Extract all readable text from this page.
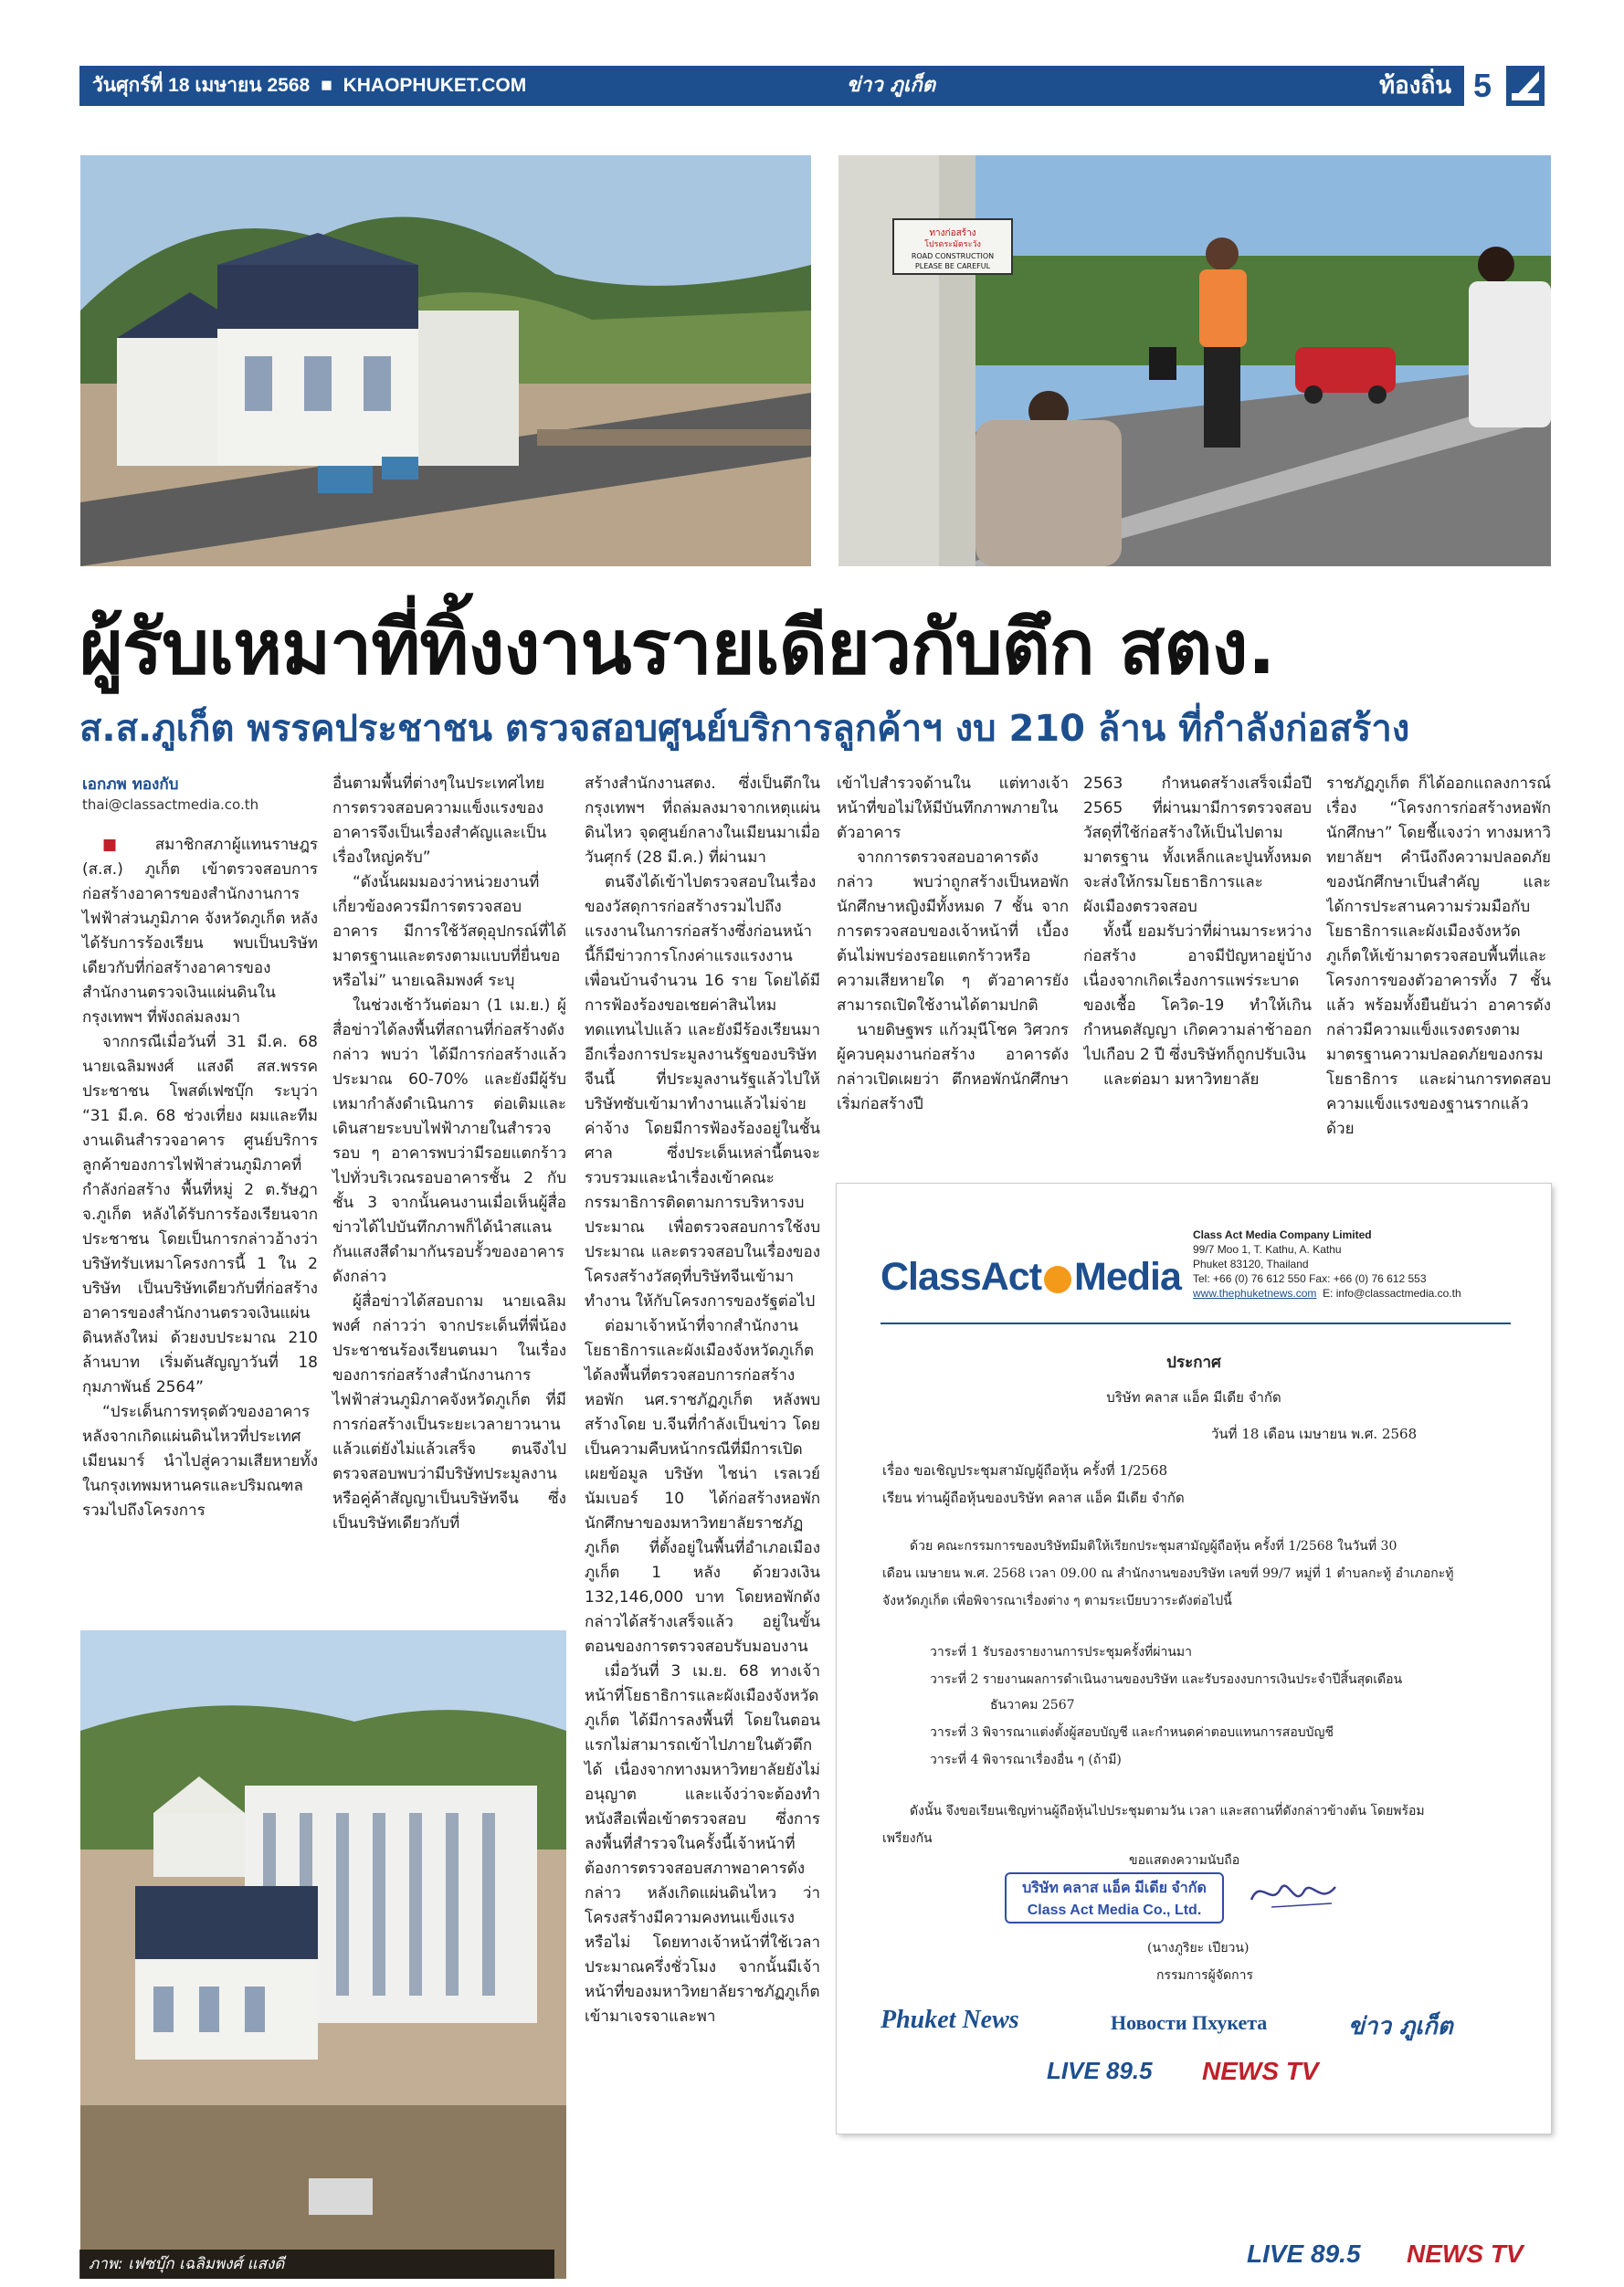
วันศุกร์ที่ 18 เมษายน 2568 ■ KHAOPHUKET.COM	ข่าว ภูเก็ต	ท้องถิ่น 5
ทางก่อสร้าง
โปรดระมัดระวัง
ROAD CONSTRUCTION
PLEASE BE CAREFUL
ผู้รับเหมาที่ทิ้งงานรายเดียวกับตึก สตง.
ส.ส.ภูเก็ต พรรคประชาชน ตรวจสอบศูนย์บริการลูกค้าฯ งบ 210 ล้าน ที่กำลังก่อสร้าง

เอกภพ ทองกับ

thai@classactmedia.co.th

■ สมาชิกสภาผู้แทนราษฎร (ส.ส.) ภูเก็ต เข้าตรวจสอบการก่อสร้างอาคารของสำนักงานการไฟฟ้าส่วนภูมิภาค จังหวัดภูเก็ต หลังได้รับการร้องเรียน พบเป็นบริษัทเดียวกับที่ก่อสร้างอาคารของสำนักงานตรวจเงินแผ่นดินในกรุงเทพฯ ที่พังถล่มลงมา

จากกรณีเมื่อวันที่ 31 มี.ค. 68 นายเฉลิมพงศ์ แสงดี สส.พรรคประชาชน โพสต์เฟซบุ๊ก ระบุว่า “31 มี.ค. 68 ช่วงเที่ยง ผมและทีมงานเดินสำรวจอาคาร ศูนย์บริการลูกค้าของการไฟฟ้าส่วนภูมิภาคที่กำลังก่อสร้าง พื้นที่หมู่ 2 ต.รัษฎา จ.ภูเก็ต หลังได้รับการร้องเรียนจากประชาชน โดยเป็นการกล่าวอ้างว่าบริษัทรับเหมาโครงการนี้ 1 ใน 2 บริษัท เป็นบริษัทเดียวกับที่ก่อสร้างอาคารของสำนักงานตรวจเงินแผ่นดินหลังใหม่ ด้วยงบประมาณ 210 ล้านบาท เริ่มต้นสัญญาวันที่ 18 กุมภาพันธ์ 2564”

“ประเด็นการทรุดตัวของอาคาร หลังจากเกิดแผ่นดินไหวที่ประเทศเมียนมาร์ นำไปสู่ความเสียหายทั้งในกรุงเทพมหานครและปริมณฑล รวมไปถึงโครงการ

อื่นตามพื้นที่ต่างๆในประเทศไทย การตรวจสอบความแข็งแรงของอาคารจึงเป็นเรื่องสำคัญและเป็นเรื่องใหญ่ครับ”

“ดังนั้นผมมองว่าหน่วยงานที่เกี่ยวข้องควรมีการตรวจสอบอาคาร มีการใช้วัสดุอุปกรณ์ที่ได้มาตรฐานและตรงตามแบบที่ยื่นขอหรือไม่” นายเฉลิมพงศ์ ระบุ

ในช่วงเช้าวันต่อมา (1 เม.ย.) ผู้สื่อข่าวได้ลงพื้นที่สถานที่ก่อสร้างดังกล่าว พบว่า ได้มีการก่อสร้างแล้วประมาณ 60-70% และยังมีผู้รับเหมากำลังดำเนินการ ต่อเติมและเดินสายระบบไฟฟ้าภายในสำรวจรอบ ๆ อาคารพบว่ามีรอยแตกร้าว ไปทั่วบริเวณรอบอาคารชั้น 2 กับชั้น 3 จากนั้นคนงานเมื่อเห็นผู้สื่อข่าวได้ไปบันทึกภาพก็ได้นำสแลนกันแสงสีดำมากันรอบรั้วของอาคารดังกล่าว

ผู้สื่อข่าวได้สอบถาม นายเฉลิมพงศ์ กล่าวว่า จากประเด็นที่พี่น้องประชาชนร้องเรียนตนมา ในเรื่องของการก่อสร้างสำนักงานการไฟฟ้าส่วนภูมิภาคจังหวัดภูเก็ต ที่มีการก่อสร้างเป็นระยะเวลายาวนานแล้วแต่ยังไม่แล้วเสร็จ ตนจึงไปตรวจสอบพบว่ามีบริษัทประมูลงานหรือคู่ค้าสัญญาเป็นบริษัทจีน ซึ่งเป็นบริษัทเดียวกับที่

สร้างสำนักงานสตง. ซึ่งเป็นตึกในกรุงเทพฯ ที่ถล่มลงมาจากเหตุแผ่นดินไหว จุดศูนย์กลางในเมียนมาเมื่อวันศุกร์ (28 มี.ค.) ที่ผ่านมา

ตนจึงได้เข้าไปตรวจสอบในเรื่องของวัสดุการก่อสร้างรวมไปถึงแรงงานในการก่อสร้างซึ่งก่อนหน้านี้ก็มีข่าวการโกงค่าแรงแรงงานเพื่อนบ้านจำนวน 16 ราย โดยได้มีการฟ้องร้องขอเชยค่าสินไหมทดแทนไปแล้ว และยังมีร้องเรียนมาอีกเรื่องการประมูลงานรัฐของบริษัทจีนนี้ ที่ประมูลงานรัฐแล้วไปให้บริษัทซับเข้ามาทำงานแล้วไม่จ่ายค่าจ้าง โดยมีการฟ้องร้องอยู่ในชั้นศาล ซึ่งประเด็นเหล่านี้ตนจะรวบรวมและนำเรื่องเข้าคณะกรรมาธิการติดตามการบริหารงบประมาณ เพื่อตรวจสอบการใช้งบประมาณ และตรวจสอบในเรื่องของโครงสร้างวัสดุที่บริษัทจีนเข้ามาทำงาน ให้กับโครงการของรัฐต่อไป

ต่อมาเจ้าหน้าที่จากสำนักงานโยธาธิการและผังเมืองจังหวัดภูเก็ต ได้ลงพื้นที่ตรวจสอบการก่อสร้างหอพัก นศ.ราชภัฏภูเก็ต หลังพบสร้างโดย บ.จีนที่กำลังเป็นข่าว โดยเป็นความคืบหน้ากรณีที่มีการเปิดเผยข้อมูล บริษัท ไชน่า เรลเวย์ นัมเบอร์ 10 ได้ก่อสร้างหอพักนักศึกษาของมหาวิทยาลัยราชภัฏภูเก็ต ที่ตั้งอยู่ในพื้นที่อำเภอเมืองภูเก็ต 1 หลัง ด้วยวงเงิน 132,146,000 บาท โดยหอพักดังกล่าวได้สร้างเสร็จแล้ว อยู่ในขั้นตอนของการตรวจสอบรับมอบงาน

เมื่อวันที่ 3 เม.ย. 68 ทางเจ้าหน้าที่โยธาธิการและผังเมืองจังหวัดภูเก็ต ได้มีการลงพื้นที่ โดยในตอนแรกไม่สามารถเข้าไปภายในตัวตึกได้ เนื่องจากทางมหาวิทยาลัยยังไม่อนุญาต และแจ้งว่าจะต้องทำหนังสือเพื่อเข้าตรวจสอบ ซึ่งการลงพื้นที่สำรวจในครั้งนี้เจ้าหน้าที่ต้องการตรวจสอบสภาพอาคารดังกล่าว หลังเกิดแผ่นดินไหว ว่าโครงสร้างมีความคงทนแข็งแรงหรือไม่ โดยทางเจ้าหน้าที่ใช้เวลาประมาณครึ่งชั่วโมง จากนั้นมีเจ้าหน้าที่ของมหาวิทยาลัยราชภัฏภูเก็ต เข้ามาเจรจาและพา

เข้าไปสำรวจด้านใน แต่ทางเจ้าหน้าที่ขอไม่ให้มีบันทึกภาพภายในตัวอาคาร

จากการตรวจสอบอาคารดังกล่าว พบว่าถูกสร้างเป็นหอพักนักศึกษาหญิงมีทั้งหมด 7 ชั้น จากการตรวจสอบของเจ้าหน้าที่ เบื้องต้นไม่พบร่องรอยแตกร้าวหรือความเสียหายใด ๆ ตัวอาคารยังสามารถเปิดใช้งานได้ตามปกติ

นายดิษฐพร แก้วมุนีโชค วิศวกรผู้ควบคุมงานก่อสร้าง อาคารดังกล่าวเปิดเผยว่า ตึกหอพักนักศึกษาเริ่มก่อสร้างปี

2563 กำหนดสร้างเสร็จเมื่อปี 2565 ที่ผ่านมามีการตรวจสอบวัสดุที่ใช้ก่อสร้างให้เป็นไปตามมาตรฐาน ทั้งเหล็กและปูนทั้งหมดจะส่งให้กรมโยธาธิการและผังเมืองตรวจสอบ

ทั้งนี้ ยอมรับว่าที่ผ่านมาระหว่างก่อสร้าง อาจมีปัญหาอยู่บ้างเนื่องจากเกิดเรื่องการแพร่ระบาดของเชื้อ โควิด-19 ทำให้เกินกำหนดสัญญา เกิดความล่าช้าออกไปเกือบ 2 ปี ซึ่งบริษัทก็ถูกปรับเงิน

และต่อมา มหาวิทยาลัย

ราชภัฏภูเก็ต ก็ได้ออกแถลงการณ์เรื่อง “โครงการก่อสร้างหอพักนักศึกษา” โดยชี้แจงว่า ทางมหาวิทยาลัยฯ คำนึงถึงความปลอดภัยของนักศึกษาเป็นสำคัญ และได้การประสานความร่วมมือกับโยธาธิการและผังเมืองจังหวัดภูเก็ตให้เข้ามาตรวจสอบพื้นที่และโครงการของตัวอาคารทั้ง 7 ชั้น แล้ว พร้อมทั้งยืนยันว่า อาคารดังกล่าวมีความแข็งแรงตรงตามมาตรฐานความปลอดภัยของกรมโยธาธิการ และผ่านการทดสอบความแข็งแรงของฐานรากแล้วด้วย

ภาพ: เฟซบุ๊ก เฉลิมพงศ์ แสงดี
ClassAct Media
Class Act Media Company Limited
99/7 Moo 1, T. Kathu, A. Kathu
Phuket 83120, Thailand
Tel: +66 (0) 76 612 550 Fax: +66 (0) 76 612 553
www.thephuketnews.com E: info@classactmedia.co.th
ประกาศ
บริษัท คลาส แอ็ค มีเดีย จำกัด
วันที่ 18 เดือน เมษายน พ.ศ. 2568
เรื่อง ขอเชิญประชุมสามัญผู้ถือหุ้น ครั้งที่ 1/2568
เรียน ท่านผู้ถือหุ้นของบริษัท คลาส แอ็ค มีเดีย จำกัด
ด้วย คณะกรรมการของบริษัทมีมติให้เรียกประชุมสามัญผู้ถือหุ้น ครั้งที่ 1/2568 ในวันที่ 30
เดือน เมษายน พ.ศ. 2568 เวลา 09.00 ณ สำนักงานของบริษัท เลขที่ 99/7 หมู่ที่ 1 ตำบลกะทู้ อำเภอกะทู้
จังหวัดภูเก็ต เพื่อพิจารณาเรื่องต่าง ๆ ตามระเบียบวาระดังต่อไปนี้
วาระที่ 1 รับรองรายงานการประชุมครั้งที่ผ่านมา
วาระที่ 2 รายงานผลการดำเนินงานของบริษัท และรับรองงบการเงินประจำปีสิ้นสุดเดือน
ธันวาคม 2567
วาระที่ 3 พิจารณาแต่งตั้งผู้สอบบัญชี และกำหนดค่าตอบแทนการสอบบัญชี
วาระที่ 4 พิจารณาเรื่องอื่น ๆ (ถ้ามี)
ดังนั้น จึงขอเรียนเชิญท่านผู้ถือหุ้นไปประชุมตามวัน เวลา และสถานที่ดังกล่าวข้างต้น โดยพร้อม
เพรียงกัน
ขอแสดงความนับถือ
บริษัท คลาส แอ็ค มีเดีย จำกัด
Class Act Media Co., Ltd.
(นางภูริยะ เปียวน)
กรรมการผู้จัดการ
Phuket News	Новости Пхукета	ข่าว ภูเก็ต
LIVE 89.5 NEWS TV
LIVE 89.5 NEWS TV
